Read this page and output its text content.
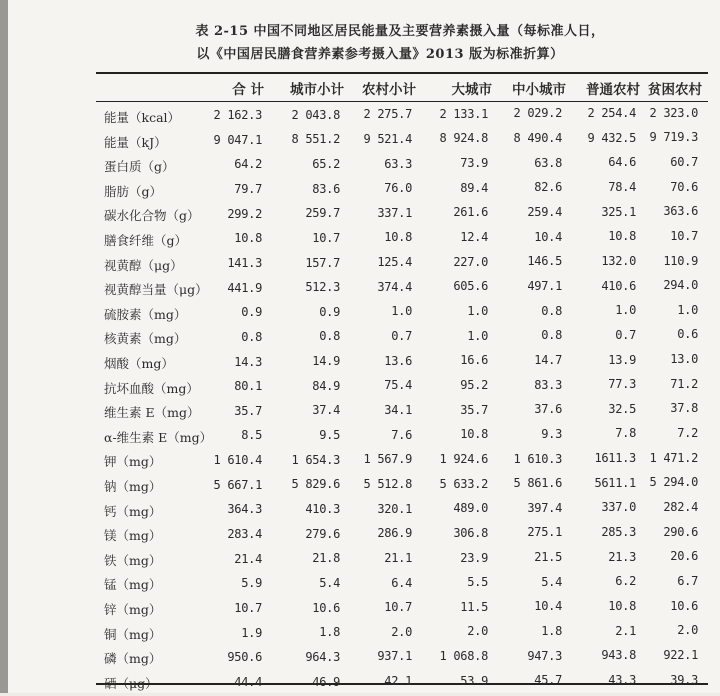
表 2-15 中国不同地区居民能量及主要营养素摄入量（每标准人日，
以《中国居民膳食营养素参考摄入量》2013 版为标准折算）
合 计	城市小计	农村小计	大城市	中小城市	普通农村 贫困农村
能量（kcal）	2 162.3	2 043.8	2 275.7	2 133.1	2 029.2	2 254.4	2 323.0
能量（kJ）	9 047.1	8 551.2	9 521.4	8 924.8	8 490.4	9 432.5	9 719.3
蛋白质（g）	64.2	65.2	63.3	73.9	63.8	64.6	60.7
脂肪（g）	79.7	83.6	76.0	89.4	82.6	78.4	70.6
碳水化合物（g）	299.2	259.7	337.1	261.6	259.4	325.1	363.6
膳食纤维（g）	10.8	10.7	10.8	12.4	10.4	10.8	10.7
视黄醇（μg）	141.3	157.7	125.4	227.0	146.5	132.0	110.9
视黄醇当量（μg）	441.9	512.3	374.4	605.6	497.1	410.6	294.0
硫胺素（mg）	0.9	0.9	1.0	1.0	0.8	1.0	1.0
核黄素（mg）	0.8	0.8	0.7	1.0	0.8	0.7	0.6
烟酸（mg）	14.3	14.9	13.6	16.6	14.7	13.9	13.0
抗坏血酸（mg）	80.1	84.9	75.4	95.2	83.3	77.3	71.2
维生素 E（mg）	35.7	37.4	34.1	35.7	37.6	32.5	37.8
α-维生素 E（mg）	8.5	9.5	7.6	10.8	9.3	7.8	7.2
钾（mg）	1 610.4	1 654.3	1 567.9	1 924.6	1 610.3	1611.3	1 471.2
钠（mg）	5 667.1	5 829.6	5 512.8	5 633.2	5 861.6	5611.1	5 294.0
钙（mg）	364.3	410.3	320.1	489.0	397.4	337.0	282.4
镁（mg）	283.4	279.6	286.9	306.8	275.1	285.3	290.6
铁（mg）	21.4	21.8	21.1	23.9	21.5	21.3	20.6
锰（mg）	5.9	5.4	6.4	5.5	5.4	6.2	6.7
锌（mg）	10.7	10.6	10.7	11.5	10.4	10.8	10.6
铜（mg）	1.9	1.8	2.0	2.0	1.8	2.1	2.0
磷（mg）	950.6	964.3	937.1	1 068.8	947.3	943.8	922.1
硒（μg）	44.4	46.9	42.1	53.9	45.7	43.3	39.3
